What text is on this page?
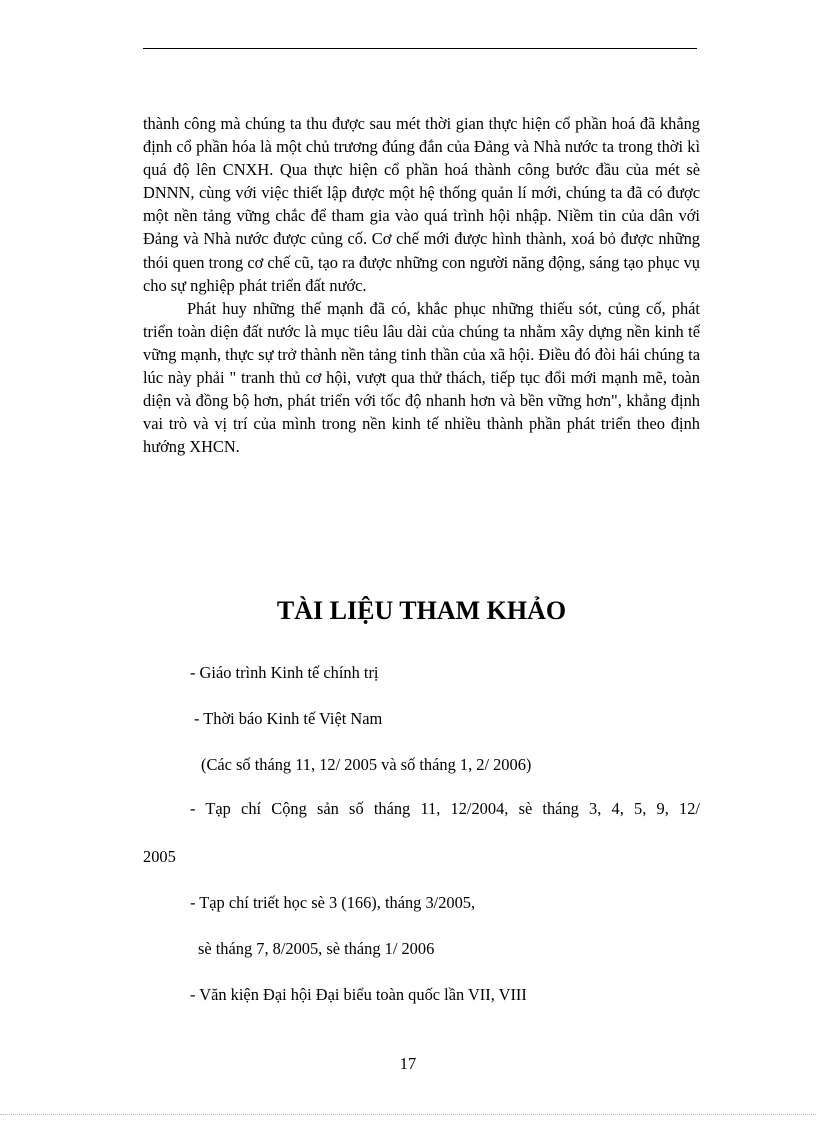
thành công mà chúng ta thu được sau mét thời gian thực hiện cổ phần hoá đã khẳng định cổ phần hóa là một chủ trương đúng đắn của Đảng và Nhà nước ta trong thời kì quá độ lên CNXH. Qua thực hiện cổ phần hoá thành công bước đầu của mét sè DNNN, cùng với việc thiết lập được một hệ thống quản lí mới, chúng ta đã có được một nền tảng vững chắc để tham gia vào quá trình hội nhập. Niềm tin của dân với Đảng và Nhà nước được củng cố. Cơ chế mới được hình thành, xoá bỏ được những thói quen trong cơ chế cũ, tạo ra được những con người năng động, sáng tạo phục vụ cho sự nghiệp phát triển đất nước.

Phát huy những thế mạnh đã có, khắc phục những thiếu sót, củng cố, phát triển toàn diện đất nước là mục tiêu lâu dài của chúng ta nhằm xây dựng nền kinh tế vững mạnh, thực sự trở thành nền tảng tinh thần của xã hội. Điều đó đòi hái chúng ta lúc này phải " tranh thủ cơ hội, vượt qua thử thách, tiếp tục đổi mới mạnh mẽ, toàn diện và đồng bộ hơn, phát triển với tốc độ nhanh hơn và bền vững hơn", khẳng định vai trò và vị trí của mình trong nền kinh tế nhiều thành phần phát triển theo định hướng XHCN.

TÀI LIỆU THAM KHẢO

- Giáo trình Kinh tế chính trị

- Thời báo Kinh tế Việt Nam

(Các số tháng 11, 12/ 2005 và số tháng 1, 2/ 2006)

- Tạp chí Cộng sản số tháng 11, 12/2004, sè tháng 3, 4, 5, 9, 12/

2005

- Tạp chí triết học sè 3 (166), tháng 3/2005,

sè tháng 7, 8/2005, sè tháng 1/ 2006

- Văn kiện Đại hội Đại biểu toàn quốc lần VII, VIII

17
